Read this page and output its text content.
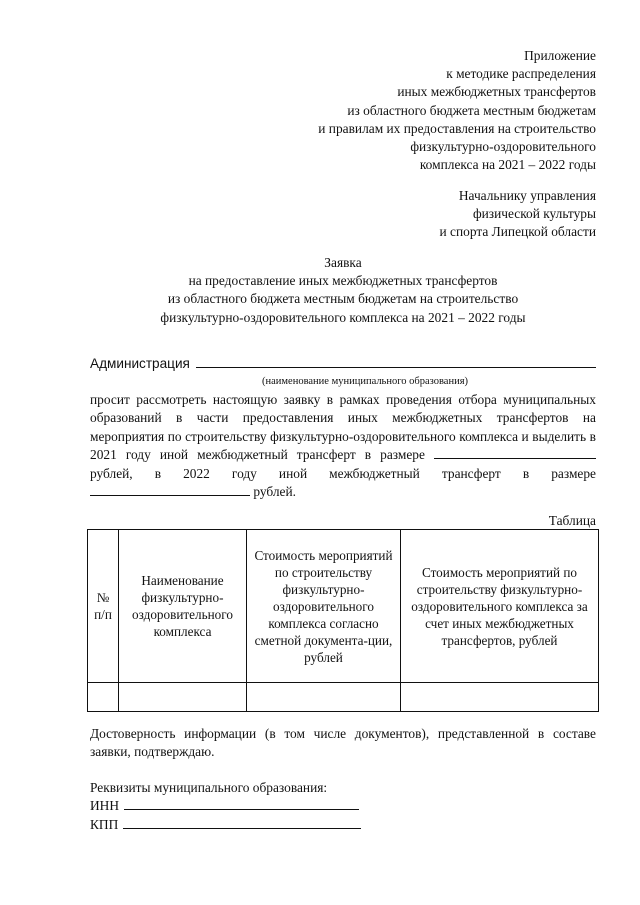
Приложение
к методике распределения
иных межбюджетных трансфертов
из областного бюджета местным бюджетам
и правилам их предоставления на строительство
физкультурно-оздоровительного
комплекса на 2021 – 2022 годы
Начальнику управления
физической культуры
и спорта Липецкой области
Заявка
на предоставление иных межбюджетных трансфертов
из областного бюджета местным бюджетам на строительство
физкультурно-оздоровительного комплекса на 2021 – 2022 годы
Администрация
(наименование муниципального образования)
просит рассмотреть настоящую заявку в рамках проведения отбора муниципальных образований в части предоставления иных межбюджетных трансфертов на мероприятия по строительству физкультурно-оздоровительного комплекса и выделить в 2021 году иной межбюджетный трансферт в размере  рублей, в 2022 году иной межбюджетный трансферт в размере  рублей.
Таблица
№ п/п	Наименование физкультурно-оздоровительного комплекса	Стоимость мероприятий по строительству физкультурно-оздоровительного комплекса согласно сметной документа-ции, рублей	Стоимость мероприятий по строительству физкультурно-оздоровительного комплекса за счет иных межбюджетных трансфертов, рублей

Достоверность информации (в том числе документов), представленной в составе заявки, подтверждаю.
Реквизиты муниципального образования:
ИНН
КПП
